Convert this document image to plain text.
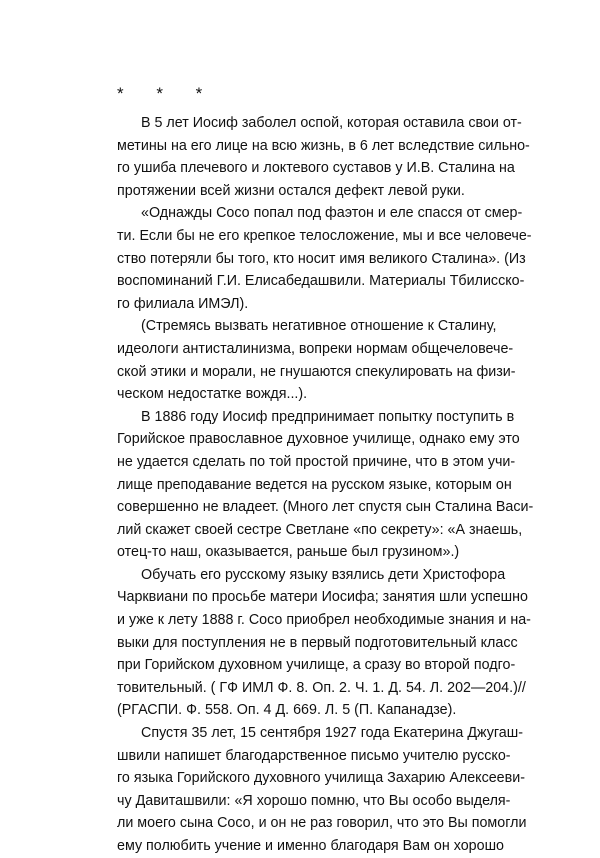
* * *
В 5 лет Иосиф заболел оспой, которая оставила свои от-
метины на его лице на всю жизнь, в 6 лет вследствие сильно-
го ушиба плечевого и локтевого суставов у И.В. Сталина на
протяжении всей жизни остался дефект левой руки.
«Однажды Сосо попал под фаэтон и еле спасся от смер-
ти. Если бы не его крепкое телосложение, мы и все человече-
ство потеряли бы того, кто носит имя великого Сталина». (Из
воспоминаний Г.И. Елисабедашвили. Материалы Тбилисско-
го филиала ИМЭЛ).
(Стремясь вызвать негативное отношение к Сталину,
идеологи антисталинизма, вопреки нормам общечеловече-
ской этики и морали, не гнушаются спекулировать на физи-
ческом недостатке вождя...).
В 1886 году Иосиф предпринимает попытку поступить в
Горийское православное духовное училище, однако ему это
не удается сделать по той простой причине, что в этом учи-
лище преподавание ведется на русском языке, которым он
совершенно не владеет. (Много лет спустя сын Сталина Васи-
лий скажет своей сестре Светлане «по секрету»: «А знаешь,
отец-то наш, оказывается, раньше был грузином».)
Обучать его русскому языку взялись дети Христофора
Чарквиани по просьбе матери Иосифа; занятия шли успешно
и уже к лету 1888 г. Сосо приобрел необходимые знания и на-
выки для поступления не в первый подготовительный класс
при Горийском духовном училище, а сразу во второй подго-
товительный. ( ГФ ИМЛ Ф. 8. Оп. 2. Ч. 1. Д. 54. Л. 202—204.)//
(РГАСПИ. Ф. 558. Оп. 4 Д. 669. Л. 5 (П. Капанадзе).
Спустя 35 лет, 15 сентября 1927 года Екатерина Джугаш-
швили напишет благодарственное письмо учителю русско-
го языка Горийского духовного училища Захарию Алексееви-
чу Давиташвили: «Я хорошо помню, что Вы особо выделя-
ли моего сына Сосо, и он не раз говорил, что это Вы помогли
ему полюбить учение и именно благодаря Вам он хорошо
